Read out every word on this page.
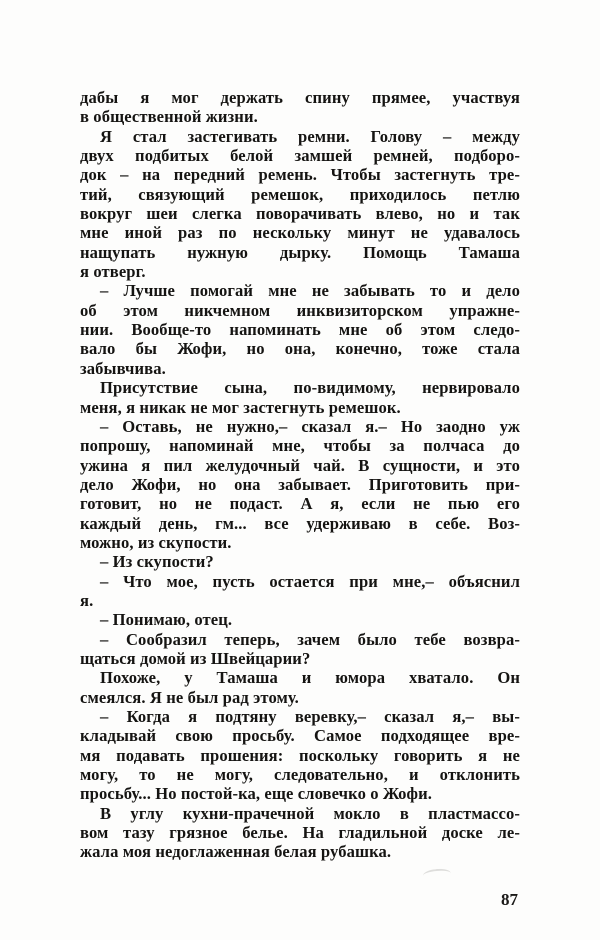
дабы я мог держать спину прямее, участвуя
в общественной жизни.
Я стал застегивать ремни. Голову – между
двух подбитых белой замшей ремней, подборо-
док – на передний ремень. Чтобы застегнуть тре-
тий, связующий ремешок, приходилось петлю
вокруг шеи слегка поворачивать влево, но и так
мне иной раз по нескольку минут не удавалось
нащупать нужную дырку. Помощь Тамаша
я отверг.
– Лучше помогай мне не забывать то и дело
об этом никчемном инквизиторском упражне-
нии. Вообще-то напоминать мне об этом следо-
вало бы Жофи, но она, конечно, тоже стала
забывчива.
Присутствие сына, по-видимому, нервировало
меня, я никак не мог застегнуть ремешок.
– Оставь, не нужно,– сказал я.– Но заодно уж
попрошу, напоминай мне, чтобы за полчаса до
ужина я пил желудочный чай. В сущности, и это
дело Жофи, но она забывает. Приготовить при-
готовит, но не подаст. А я, если не пью его
каждый день, гм... все удерживаю в себе. Воз-
можно, из скупости.
– Из скупости?
– Что мое, пусть остается при мне,– объяснил
я.
– Понимаю, отец.
– Сообразил теперь, зачем было тебе возвра-
щаться домой из Швейцарии?
Похоже, у Тамаша и юмора хватало. Он
смеялся. Я не был рад этому.
– Когда я подтяну веревку,– сказал я,– вы-
кладывай свою просьбу. Самое подходящее вре-
мя подавать прошения: поскольку говорить я не
могу, то не могу, следовательно, и отклонить
просьбу... Но постой-ка, еще словечко о Жофи.
В углу кухни-прачечной мокло в пластмассо-
вом тазу грязное белье. На гладильной доске ле-
жала моя недоглаженная белая рубашка.
87
